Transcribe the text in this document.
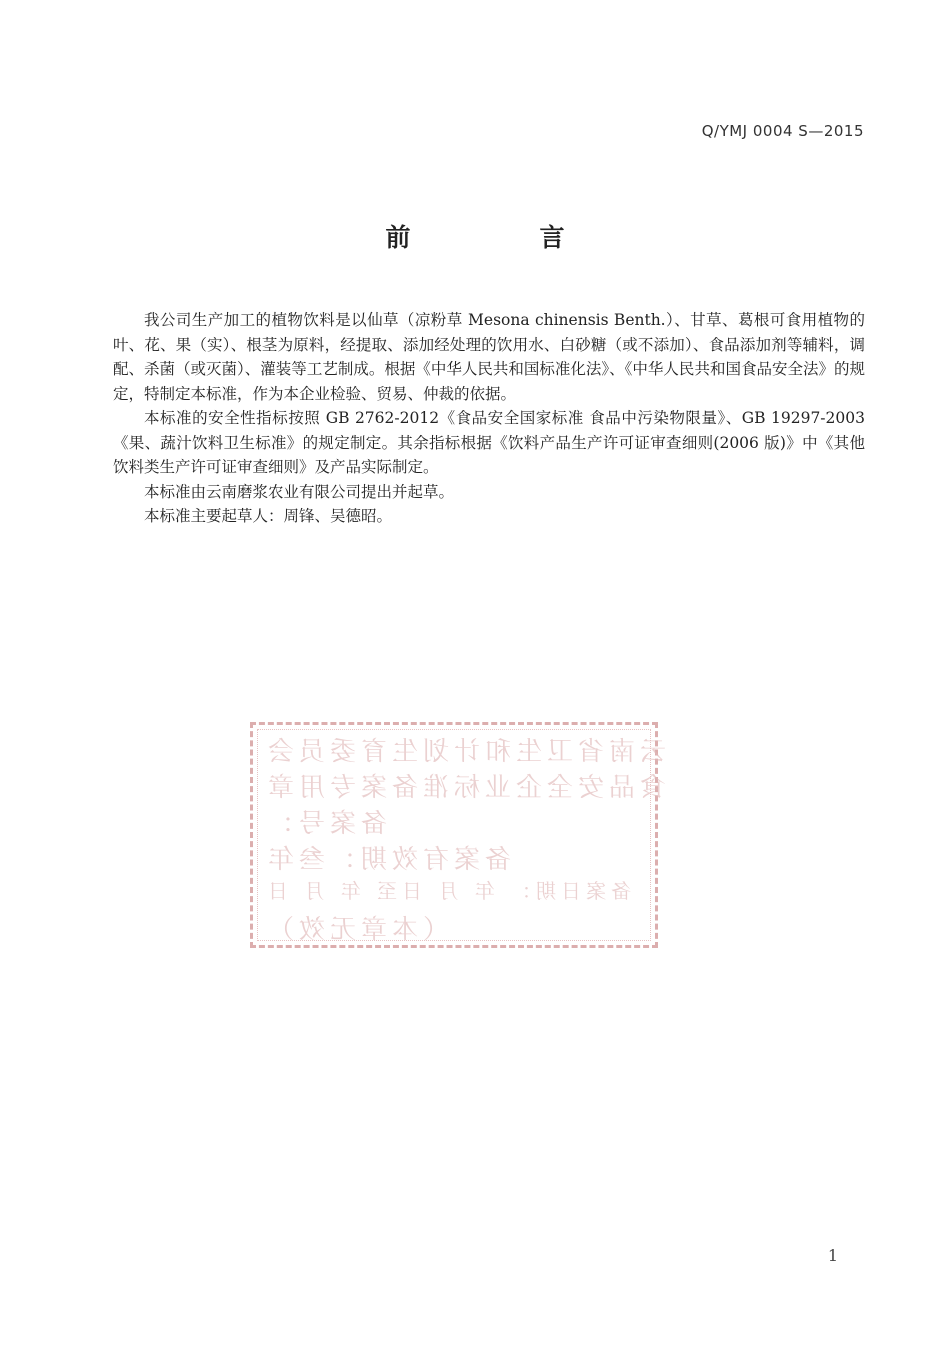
Q/YMJ 0004 S—2015
前　言

我公司生产加工的植物饮料是以仙草（凉粉草 Mesona chinensis Benth.）、甘草、葛根可食用植物的叶、花、果（实）、根茎为原料，经提取、添加经处理的饮用水、白砂糖（或不添加）、食品添加剂等辅料，调配、杀菌（或灭菌）、灌装等工艺制成。根据《中华人民共和国标准化法》、《中华人民共和国食品安全法》的规定，特制定本标准，作为本企业检验、贸易、仲裁的依据。

本标准的安全性指标按照 GB 2762-2012《食品安全国家标准 食品中污染物限量》、GB 19297-2003《果、蔬汁饮料卫生标准》的规定制定。其余指标根据《饮料产品生产许可证审查细则(2006 版)》中《其他饮料类生产许可证审查细则》及产品实际制定。

本标准由云南磨浆农业有限公司提出并起草。

本标准主要起草人：周锋、吴德昭。

云南省卫生和计划生育委员会
食品安全企业标准备案专用章
备案号：
备案有效期：叁年
备案日期： 年 月 日至 年 月 日
（本章无效）
1
